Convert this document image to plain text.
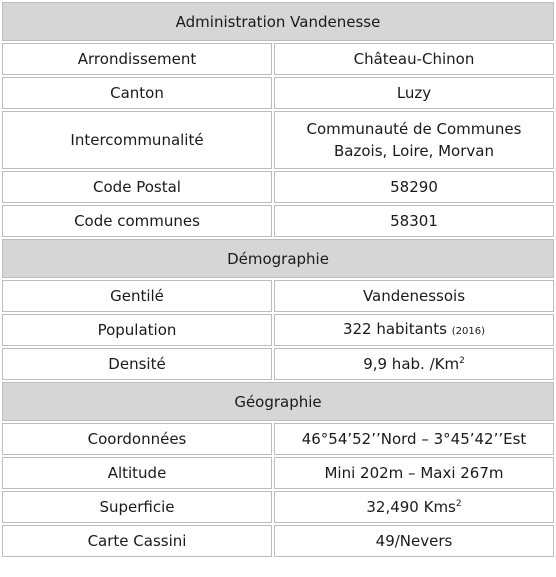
Administration Vandenesse	
Arrondissement	Château-Chinon
Canton	Luzy
Intercommunalité	Communauté de Communes
Bazois, Loire, Morvan

Code Postal	58290
Code communes	58301
Démographie	
Gentilé	Vandenessois
Population	322 habitants (2016)
Densité	9,9 hab. /Km$^2$
Géographie	
Coordonnées	46°54’52’’Nord – 3°45’42’’Est
Altitude	Mini 202m – Maxi 267m
Superficie	32,490 Kms$^2$
Carte Cassini	49/Nevers
